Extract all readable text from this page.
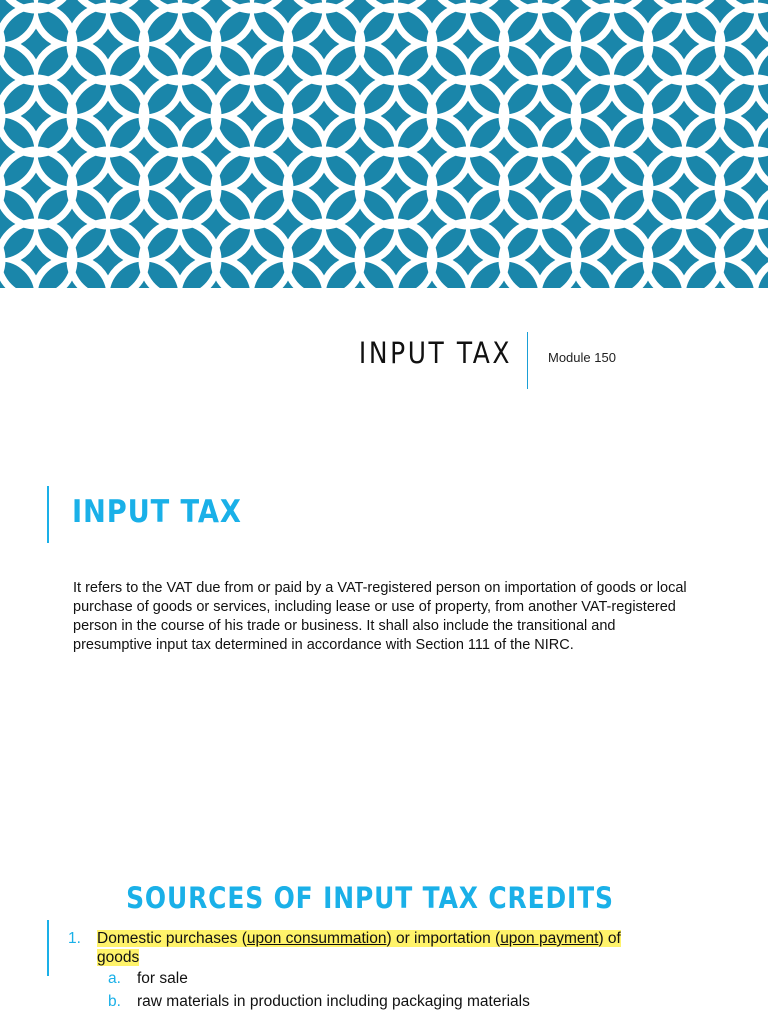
INPUT TAX	Module 150

INPUT TAX

It refers to the VAT due from or paid by a VAT-registered person on importation of goods or local purchase of goods or services, including lease or use of property, from another VAT-registered person in the course of his trade or business. It shall also include the transitional and presumptive input tax determined in accordance with Section 111 of the NIRC.

SOURCES OF INPUT TAX CREDITS
1. Domestic purchases (upon consummation) or importation (upon payment) of goods

a. for sale
b. raw materials in production including packaging materials
